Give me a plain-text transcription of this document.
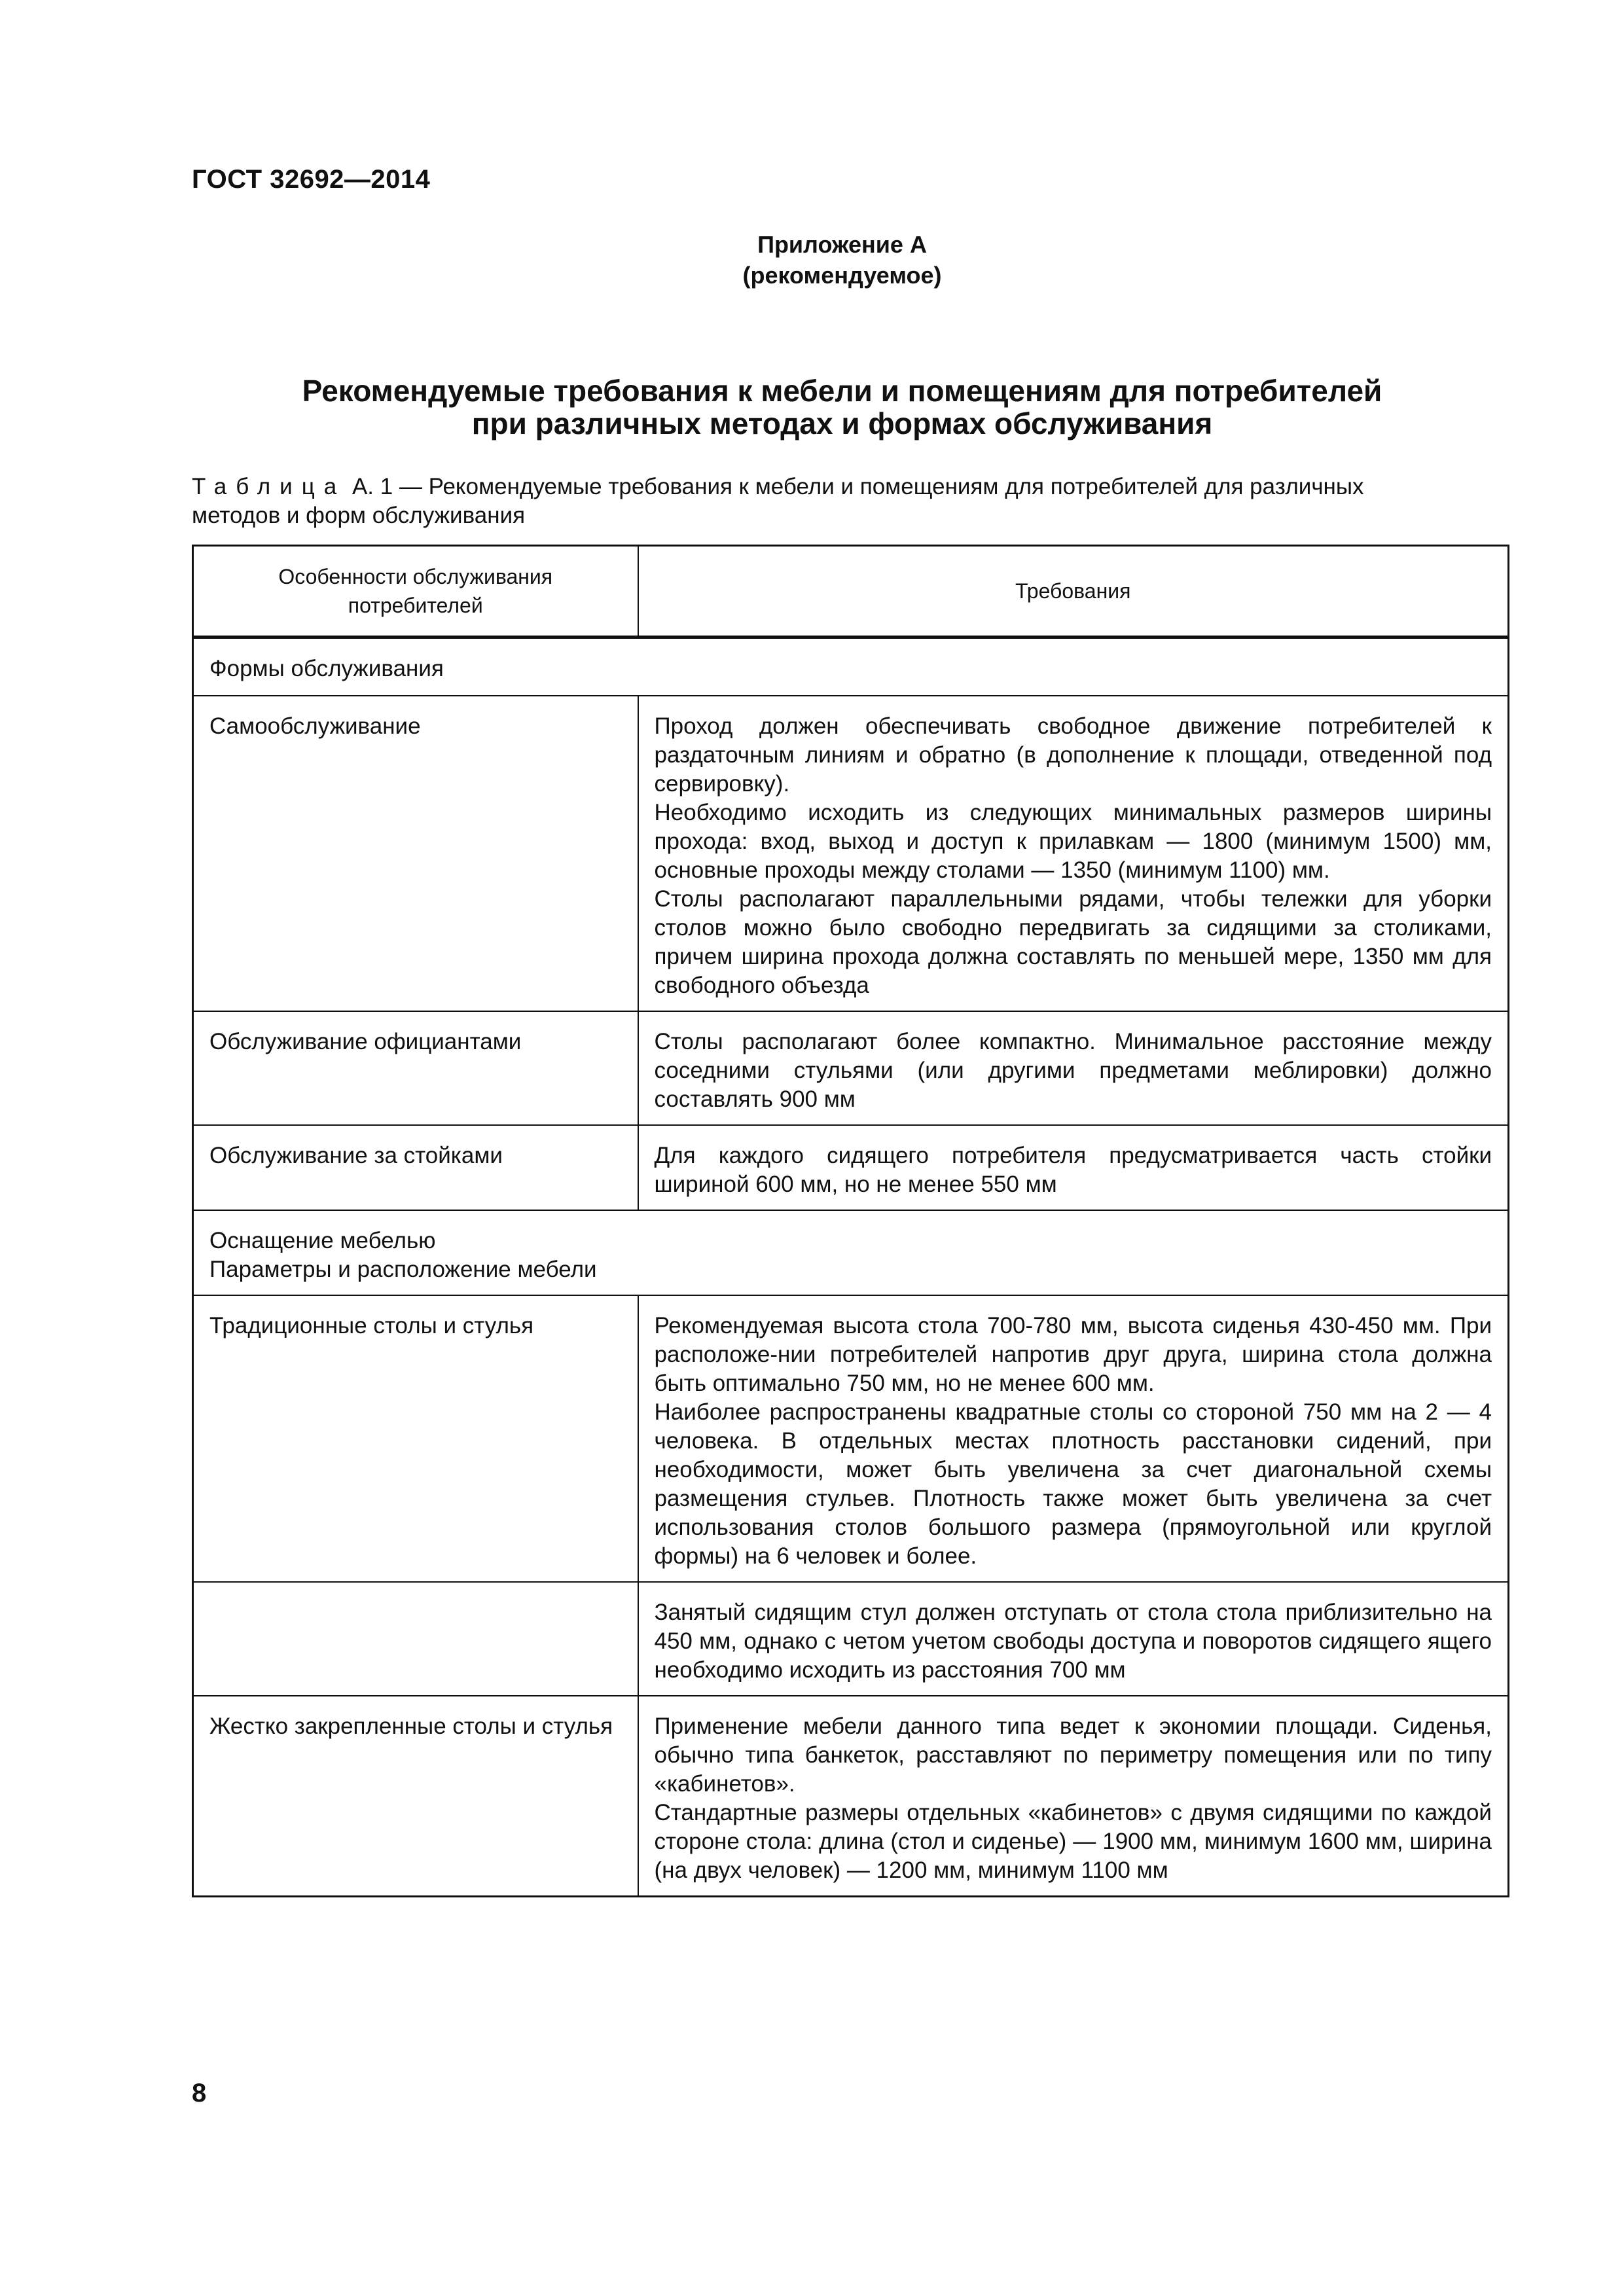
ГОСТ 32692—2014
Приложение А
(рекомендуемое)
Рекомендуемые требования к мебели и помещениям для потребителей
при различных методах и формах обслуживания
Таблица А. 1 — Рекомендуемые требования к мебели и помещениям для потребителей для различных
методов и форм обслуживания
Особенности обслуживания потребителей	Требования
Формы обслуживания	
Самообслуживание	Проход должен обеспечивать свободное движение потребителей к раздаточным линиям и обратно (в дополнение к площади, отведенной под сервировку).
Необходимо исходить из следующих минимальных размеров ширины прохода: вход, выход и доступ к прилавкам — 1800 (минимум 1500) мм, основные проходы между столами — 1350 (минимум 1100) мм.
Столы располагают параллельными рядами, чтобы тележки для уборки столов можно было свободно передвигать за сидящими за столиками, причем ширина прохода должна составлять по меньшей мере, 1350 мм для свободного объезда

Обслуживание официантами	Столы располагают более компактно. Минимальное расстояние между соседними стульями (или другими предметами меблировки) должно составлять 900 мм
Обслуживание за стойками	Для каждого сидящего потребителя предусматривается часть стойки шириной 600 мм, но не менее 550 мм

Оснащение мебелью
Параметры и расположение мебели	

Традиционные столы и стулья	Рекомендуемая высота стола 700-780 мм, высота сиденья 430-450 мм. При расположе-нии потребителей напротив друг друга, ширина стола должна быть оптимально 750 мм, но не менее 600 мм.
Наиболее распространены квадратные столы со стороной 750 мм на 2 — 4 человека. В отдельных местах плотность расстановки сидений, при необходимости, может быть увеличена за счет диагональной схемы размещения стульев. Плотность также может быть увеличена за счет использования столов большого размера (прямоугольной или круглой формы) на 6 человек и более.

	Занятый сидящим стул должен отступать от стола стола приблизительно на 450 мм, однако с четом учетом свободы доступа и поворотов сидящего ящего необходимо исходить из расстояния 700 мм
Жестко закрепленные столы и стулья	Применение мебели данного типа ведет к экономии площади. Сиденья, обычно типа банкеток, расставляют по периметру помещения или по типу «кабинетов».
Стандартные размеры отдельных «кабинетов» с двумя сидящими по каждой стороне стола: длина (стол и сиденье) — 1900 мм, минимум 1600 мм, ширина (на двух человек) — 1200 мм, минимум 1100 мм
8
